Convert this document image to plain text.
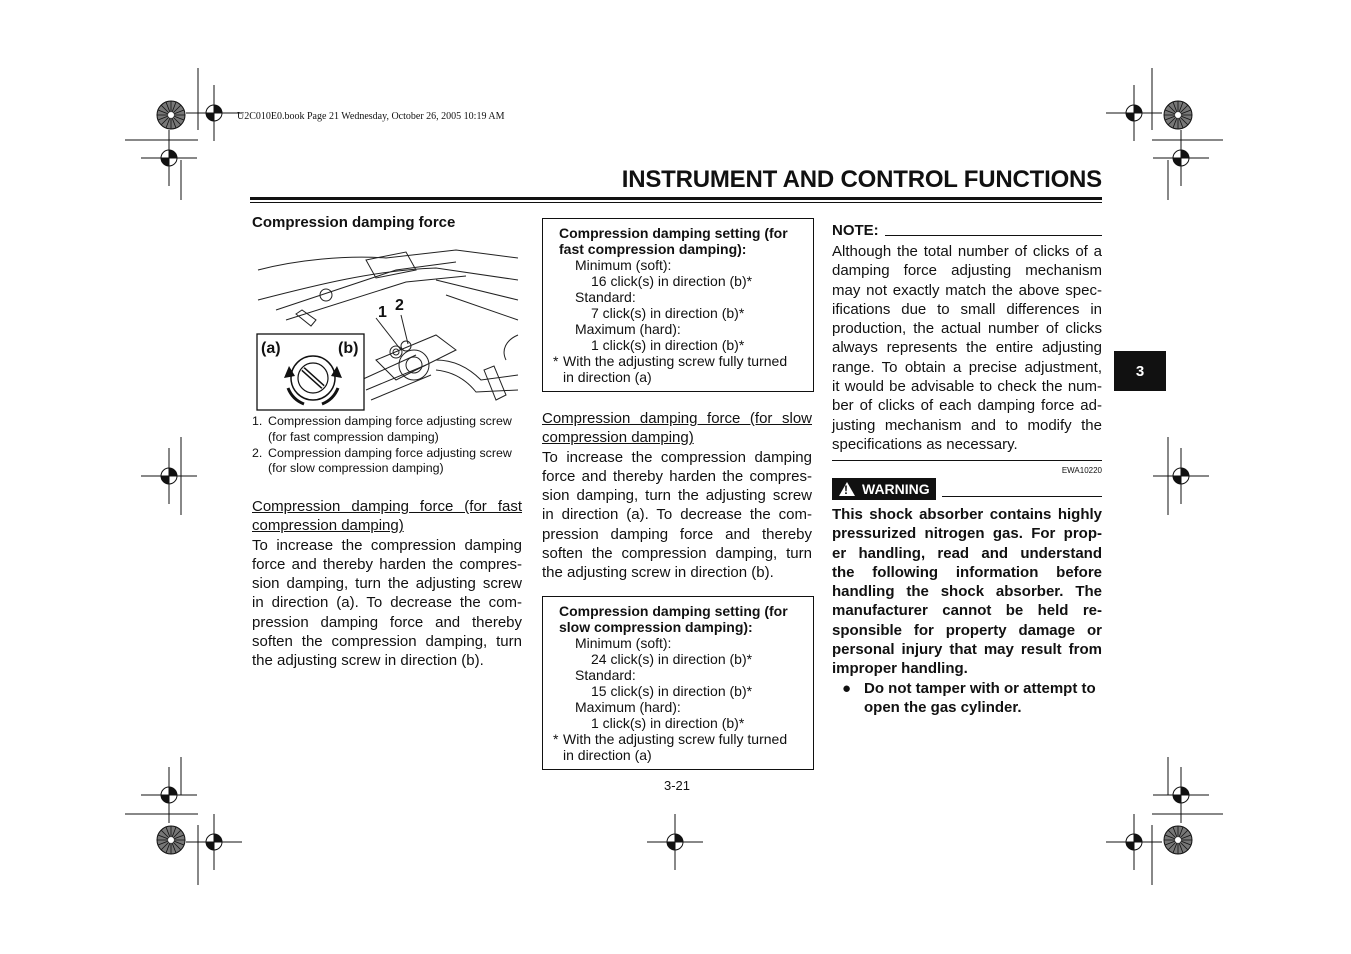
U2C010E0.book Page 21 Wednesday, October 26, 2005 10:19 AM
INSTRUMENT AND CONTROL FUNCTIONS
3
Compression damping force
1 2
(a)	(b)
1. Compression damping force adjusting screw
(for fast compression damping)
2. Compression damping force adjusting screw
(for slow compression damping)
Compression damping force (for fast
compression damping)
To increase the compression damping
force and thereby harden the compres-
sion damping, turn the adjusting screw
in direction (a). To decrease the com-
pression damping force and thereby
soften the compression damping, turn
the adjusting screw in direction (b).
Compression damping setting (for
fast compression damping):
Minimum (soft):
16 click(s) in direction (b)*
Standard:
7 click(s) in direction (b)*
Maximum (hard):
1 click(s) in direction (b)*
* With the adjusting screw fully turned
in direction (a)
Compression damping force (for slow
compression damping)
To increase the compression damping
force and thereby harden the compres-
sion damping, turn the adjusting screw
in direction (a). To decrease the com-
pression damping force and thereby
soften the compression damping, turn
the adjusting screw in direction (b).
Compression damping setting (for
slow compression damping):
Minimum (soft):
24 click(s) in direction (b)*
Standard:
15 click(s) in direction (b)*
Maximum (hard):
1 click(s) in direction (b)*
* With the adjusting screw fully turned
in direction (a)
NOTE:
Although the total number of clicks of a
damping force adjusting mechanism
may not exactly match the above spec-
ifications due to small differences in
production, the actual number of clicks
always represents the entire adjusting
range. To obtain a precise adjustment,
it would be advisable to check the num-
ber of clicks of each damping force ad-
justing mechanism and to modify the
specifications as necessary.
EWA10220
! WARNING
This shock absorber contains highly
pressurized nitrogen gas. For prop-
er handling, read and understand
the following information before
handling the shock absorber. The
manufacturer cannot be held re-
sponsible for property damage or
personal injury that may result from
improper handling.
● Do not tamper with or attempt to
open the gas cylinder.
3-21
